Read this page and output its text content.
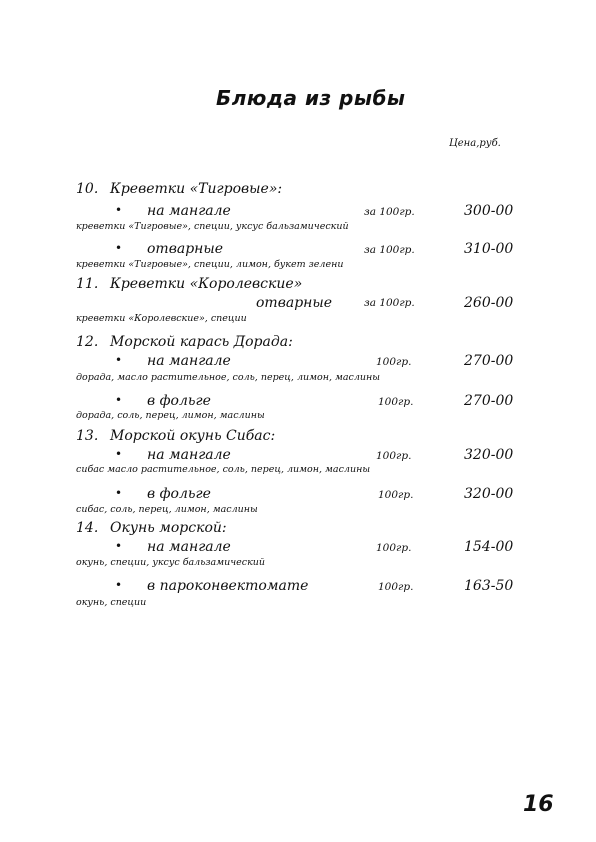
Блюда из рыбы
Цена,руб.
10. Креветки «Тигровые»:
• на мангале	за 100гр.	300-00
креветки «Тигровые», специи, уксус бальзамический
• отварные	за 100гр.	310-00
креветки «Тигровые», специи, лимон, букет зелени
11. Креветки «Королевские»
отварные	за 100гр.	260-00
креветки «Королевские», специи
12. Морской карась Дорада:
• на мангале	100гр.	270-00
дорада, масло растительное, соль, перец, лимон, маслины
• в фольге	100гр.	270-00
дорада, соль, перец, лимон, маслины
13. Морской окунь Сибас:
• на мангале	100гр.	320-00
сибас масло растительное, соль, перец, лимон, маслины
• в фольге	100гр.	320-00
сибас, соль, перец, лимон, маслины
14. Окунь морской:
• на мангале	100гр.	154-00
окунь, специи, уксус бальзамический
• в пароконвектомате	100гр.	163-50
окунь, специи
16
